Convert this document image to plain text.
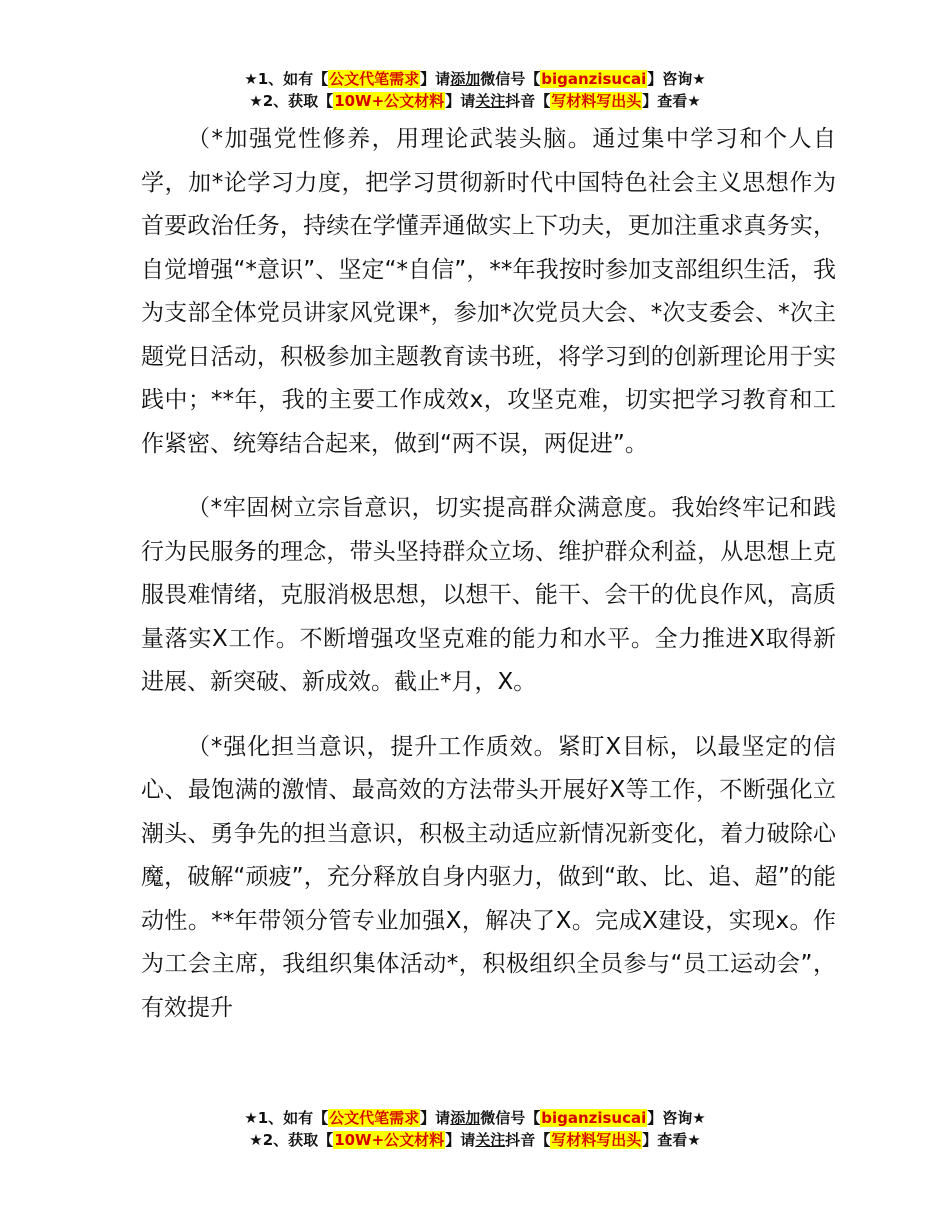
★1、如有【公文代笔需求】请添加微信号【biganzisucai】咨询★
★2、获取【10W+公文材料】请关注抖音【写材料写出头】查看★

（*加强党性修养，用理论武装头脑。通过集中学习和个人自学，加*论学习力度，把学习贯彻新时代中国特色社会主义思想作为首要政治任务，持续在学懂弄通做实上下功夫，更加注重求真务实，自觉增强“*意识”、坚定“*自信”，**年我按时参加支部组织生活，我为支部全体党员讲家风党课*，参加*次党员大会、*次支委会、*次主题党日活动，积极参加主题教育读书班，将学习到的创新理论用于实践中；**年，我的主要工作成效x，攻坚克难，切实把学习教育和工作紧密、统筹结合起来，做到“两不误，两促进”。

（*牢固树立宗旨意识，切实提高群众满意度。我始终牢记和践行为民服务的理念，带头坚持群众立场、维护群众利益，从思想上克服畏难情绪，克服消极思想，以想干、能干、会干的优良作风，高质量落实X工作。不断增强攻坚克难的能力和水平。全力推进X取得新进展、新突破、新成效。截止*月，X。

（*强化担当意识，提升工作质效。紧盯X目标，以最坚定的信心、最饱满的激情、最高效的方法带头开展好X等工作，不断强化立潮头、勇争先的担当意识，积极主动适应新情况新变化，着力破除心魔，破解“顽疲”，充分释放自身内驱力，做到“敢、比、追、超”的能动性。**年带领分管专业加强X，解决了X。完成X建设，实现x。作为工会主席，我组织集体活动*，积极组织全员参与“员工运动会”，有效提升

★1、如有【公文代笔需求】请添加微信号【biganzisucai】咨询★
★2、获取【10W+公文材料】请关注抖音【写材料写出头】查看★
